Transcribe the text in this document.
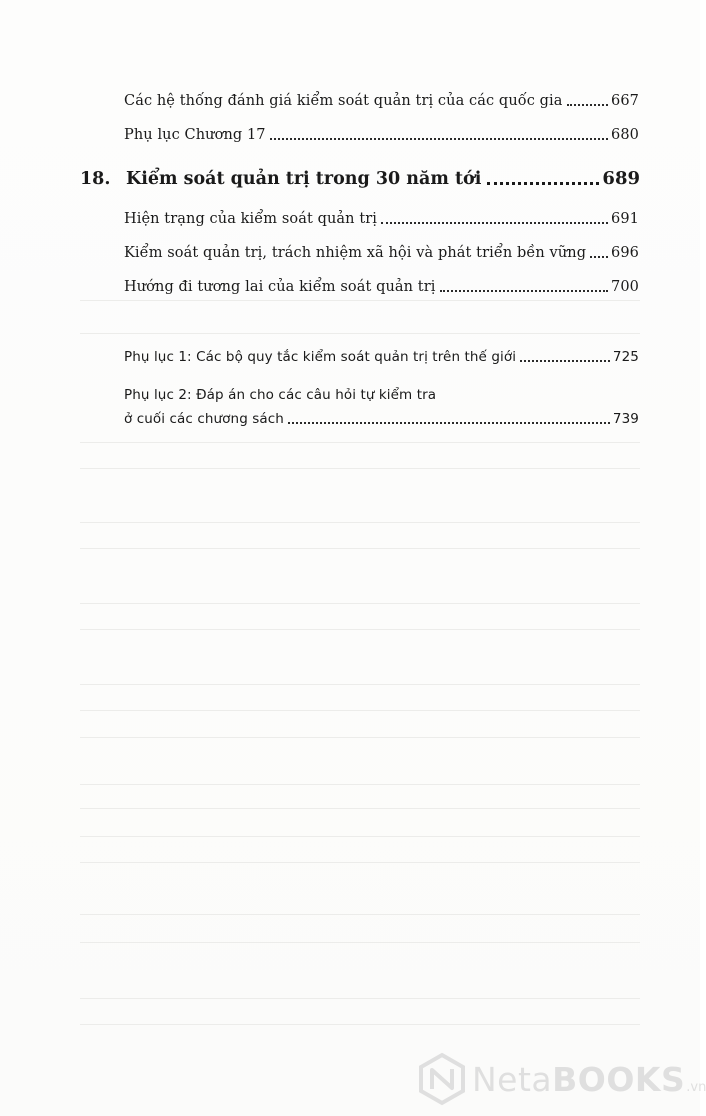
Các hệ thống đánh giá kiểm soát quản trị của các quốc gia	667
Phụ lục Chương 17	680
18. Kiểm soát quản trị trong 30 năm tới	689
Hiện trạng của kiểm soát quản trị	691
Kiểm soát quản trị, trách nhiệm xã hội và phát triển bền vững 696
Hướng đi tương lai của kiểm soát quản trị	700
Phụ lục 1: Các bộ quy tắc kiểm soát quản trị trên thế giới	725
Phụ lục 2: Đáp án cho các câu hỏi tự kiểm tra
ở cuối các chương sách	739
NetaBOOKS .vn
